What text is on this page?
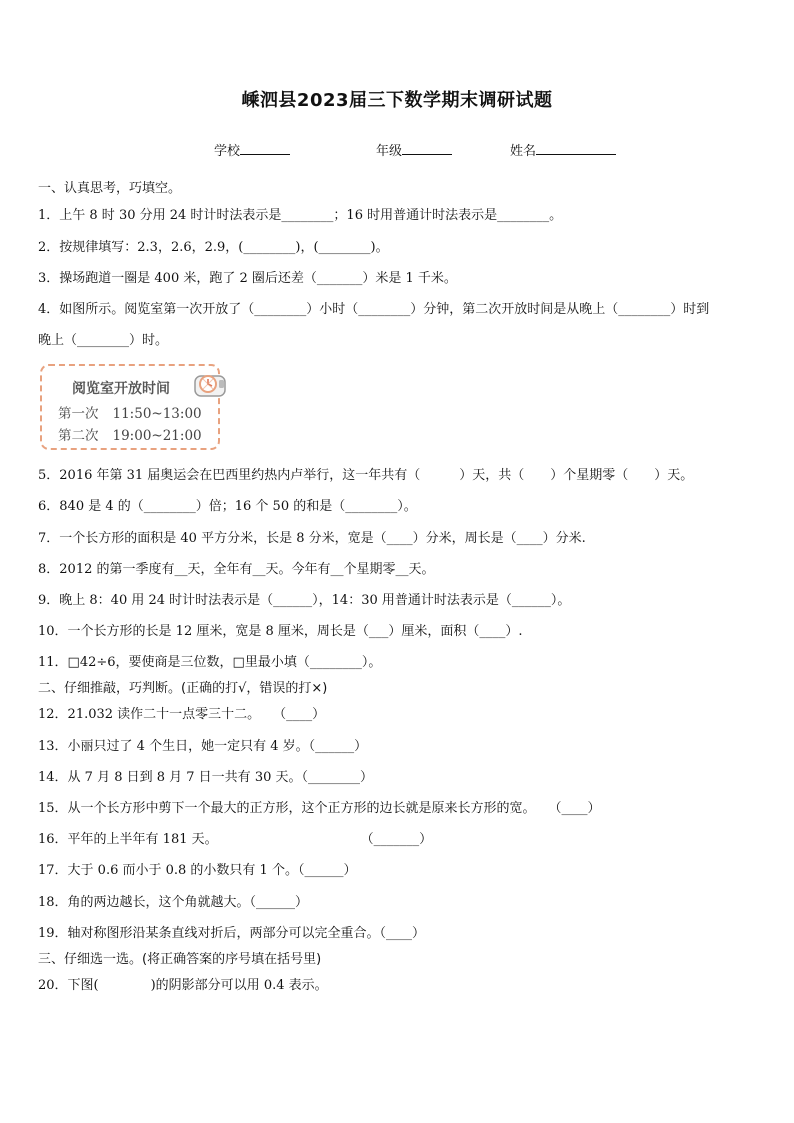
嵊泗县2023届三下数学期末调研试题
学校	年级	姓名
一、认真思考，巧填空。
1．上午 8 时 30 分用 24 时计时法表示是________；16 时用普通计时法表示是________。
2．按规律填写：2.3，2.6，2.9，(________)，(________)。
3．操场跑道一圈是 400 米，跑了 2 圈后还差（_______）米是 1 千米。
4．如图所示。阅览室第一次开放了（________）小时（________）分钟，第二次开放时间是从晚上（________）时到
晚上（________）时。
阅览室开放时间
第一次 11:50~13:00
第二次 19:00~21:00
5．2016 年第 31 届奥运会在巴西里约热内卢举行，这一年共有（　　　）天，共（　　）个星期零（　　）天。
6．840 是 4 的（________）倍；16 个 50 的和是（________）。
7．一个长方形的面积是 40 平方分米，长是 8 分米，宽是（____）分米，周长是（____）分米.
8．2012 的第一季度有__天，全年有__天。今年有__个星期零__天。
9．晚上 8：40 用 24 时计时法表示是（______），14：30 用普通计时法表示是（______）。
10．一个长方形的长是 12 厘米，宽是 8 厘米，周长是（___）厘米，面积（____）.
11．□42÷6，要使商是三位数，□里最小填（________）。
二、仔细推敲，巧判断。(正确的打√，错误的打×)
12．21.032 读作二十一点零三十二。　　（____）
13．小丽只过了 4 个生日，她一定只有 4 岁。（______）
14．从 7 月 8 日到 8 月 7 日一共有 30 天。（________）
15．从一个长方形中剪下一个最大的正方形，这个正方形的边长就是原来长方形的宽。　　（____）
16．平年的上半年有 181 天。　　　　　　　　　　　　（_______）
17．大于 0.6 而小于 0.8 的小数只有 1 个。（______）
18．角的两边越长，这个角就越大。（______）
19．轴对称图形沿某条直线对折后，两部分可以完全重合。（____）
三、仔细选一选。(将正确答案的序号填在括号里)
20．下图(　　　　)的阴影部分可以用 0.4 表示。
